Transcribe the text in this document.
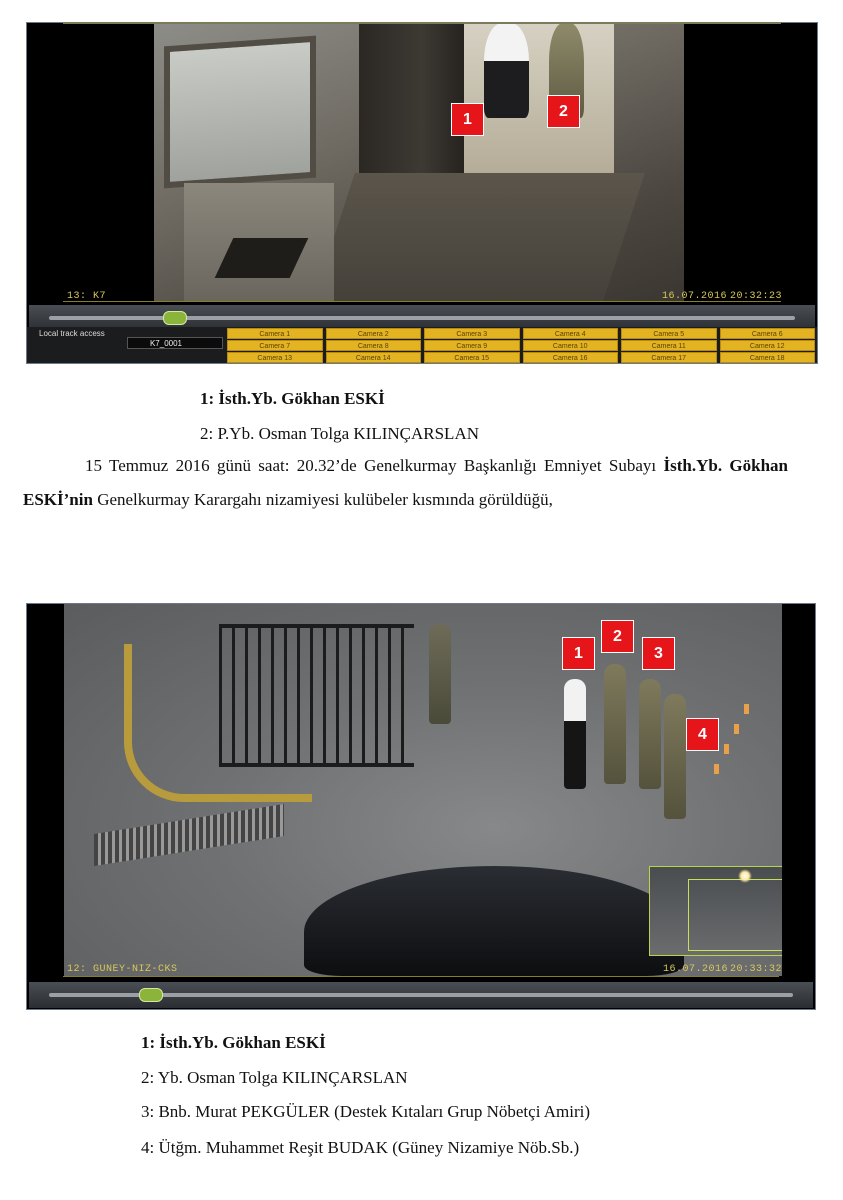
1	2
13: K7	16.07.2016 20:32:23
Local track access
K7_0001
Camera 1	Camera 2	Camera 3	Camera 4	Camera 5	Camera 6
Camera 7	Camera 8	Camera 9	Camera 10	Camera 11	Camera 12
Camera 13	Camera 14	Camera 15	Camera 16	Camera 17	Camera 18
1: İsth.Yb. Gökhan ESKİ
2: P.Yb. Osman Tolga KILINÇARSLAN
15 Temmuz 2016 günü saat: 20.32’de Genelkurmay Başkanlığı Emniyet Subayı İsth.Yb. Gökhan ESKİ’nin Genelkurmay Karargahı nizamiyesi kulübeler kısmında görüldüğü,
1
2
3
4
12: GUNEY-NIZ-CKS	16.07.2016 20:33:32
1: İsth.Yb. Gökhan ESKİ
2: Yb. Osman Tolga KILINÇARSLAN
3: Bnb. Murat PEKGÜLER (Destek Kıtaları Grup Nöbetçi Amiri)
4: Ütğm. Muhammet Reşit BUDAK (Güney Nizamiye Nöb.Sb.)
